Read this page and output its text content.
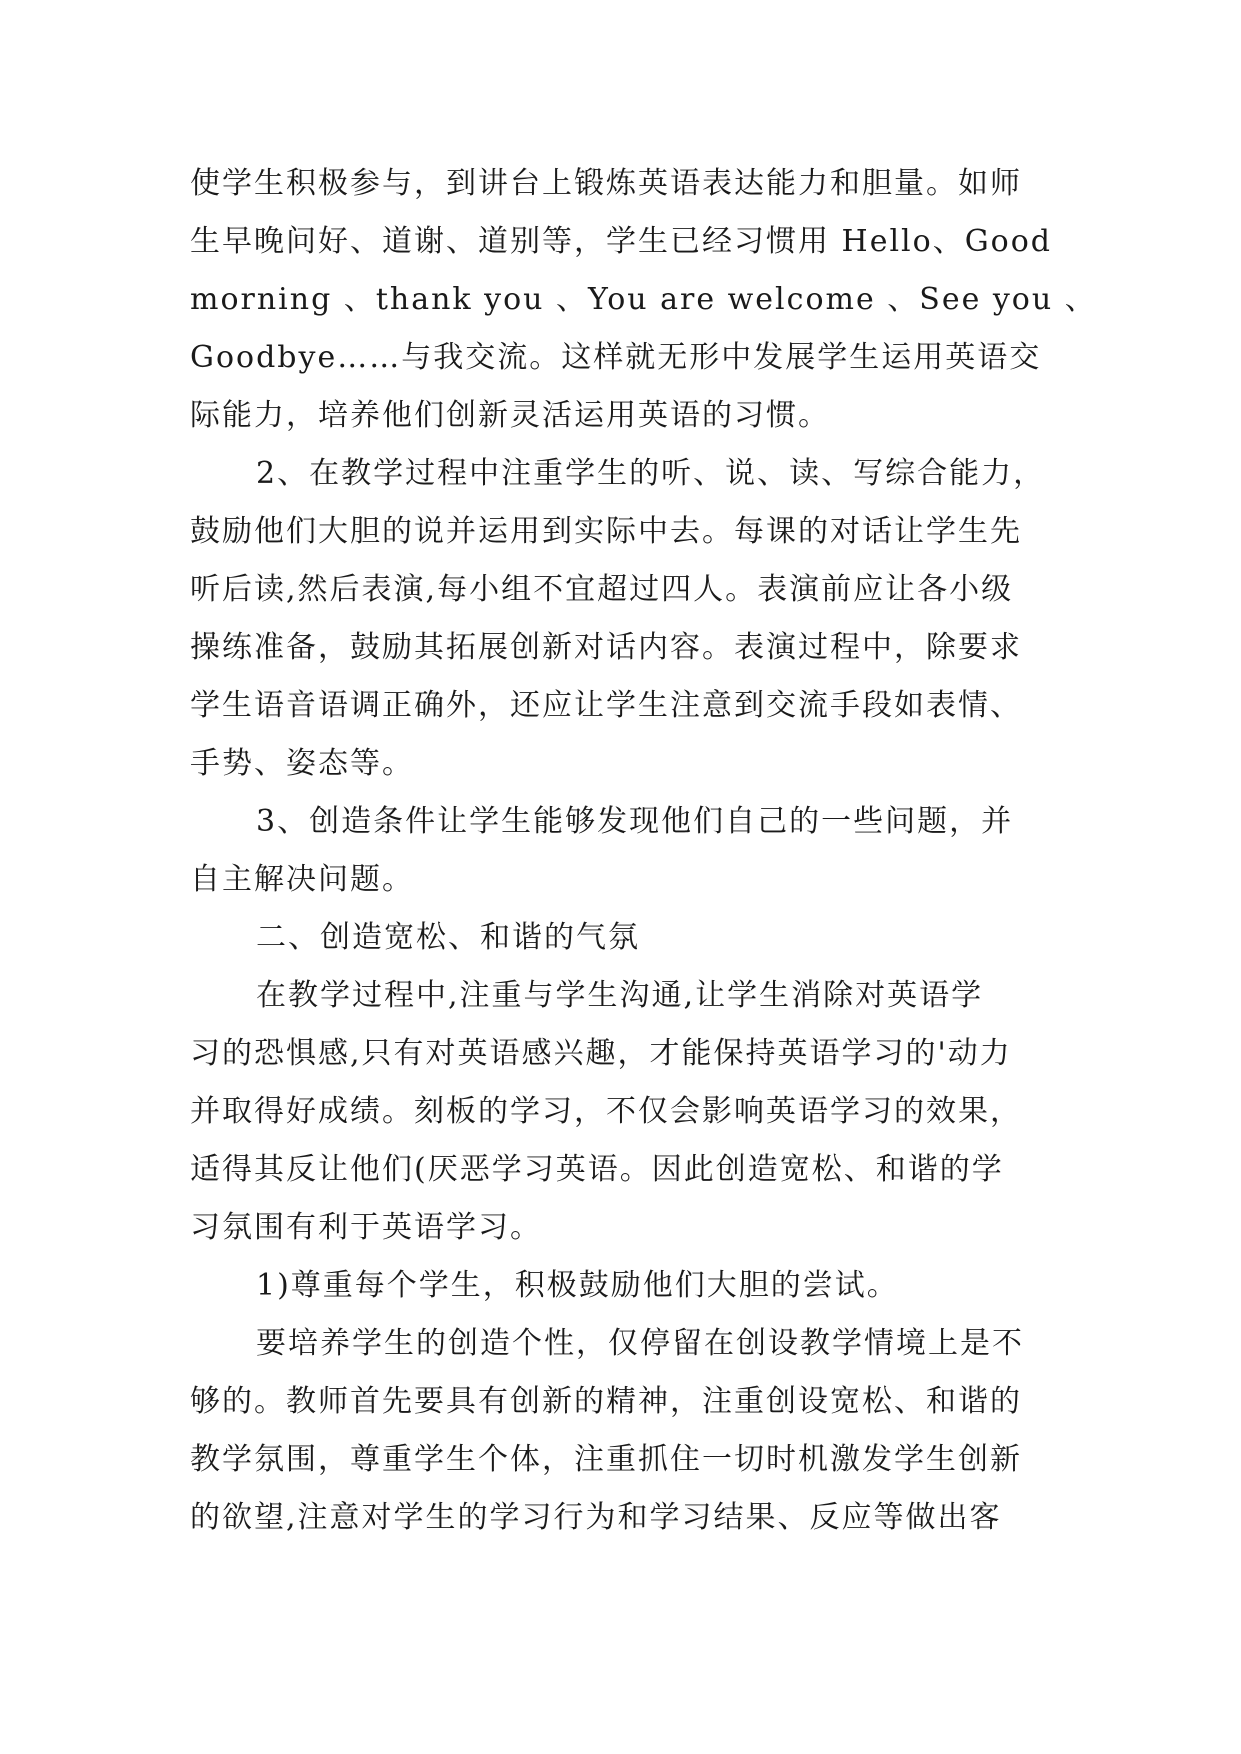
使学生积极参与，到讲台上锻炼英语表达能力和胆量。如师
生早晚问好、道谢、道别等，学生已经习惯用 Hello、Good
morning 、 thank you 、You are welcome 、 See you 、
Goodbye……与我交流。这样就无形中发展学生运用英语交
际能力，培养他们创新灵活运用英语的习惯。
2、在教学过程中注重学生的听、说、读、写综合能力，
鼓励他们大胆的说并运用到实际中去。每课的对话让学生先
听后读,然后表演,每小组不宜超过四人。表演前应让各小级
操练准备，鼓励其拓展创新对话内容。表演过程中，除要求
学生语音语调正确外，还应让学生注意到交流手段如表情、
手势、姿态等。
3、创造条件让学生能够发现他们自己的一些问题，并
自主解决问题。
二、创造宽松、和谐的气氛
在教学过程中,注重与学生沟通,让学生消除对英语学
习的恐惧感,只有对英语感兴趣，才能保持英语学习的'动力
并取得好成绩。刻板的学习，不仅会影响英语学习的效果，
适得其反让他们(厌恶学习英语。因此创造宽松、和谐的学
习氛围有利于英语学习。
1)尊重每个学生，积极鼓励他们大胆的尝试。
要培养学生的创造个性，仅停留在创设教学情境上是不
够的。教师首先要具有创新的精神，注重创设宽松、和谐的
教学氛围，尊重学生个体，注重抓住一切时机激发学生创新
的欲望,注意对学生的学习行为和学习结果、反应等做出客
